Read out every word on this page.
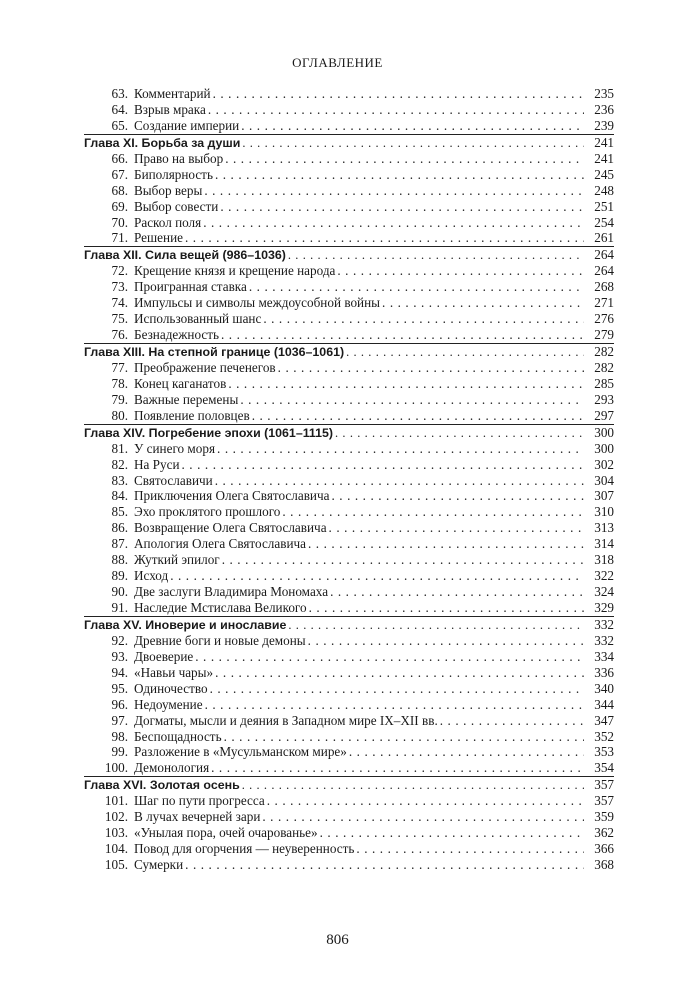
ОГЛАВЛЕНИЕ
63. Комментарий . . .	235
64. Взрыв мрака . . .	236
65. Создание империи . . .	239
Глава XI. Борьба за души . . .	241
66. Право на выбор . . .	241
67. Биполярность . . .	245
68. Выбор веры . . .	248
69. Выбор совести . . .	251
70. Раскол поля . . .	254
71. Решение . . .	261
Глава XII. Сила вещей (986–1036) . . .	264
72. Крещение князя и крещение народа . . .	264
73. Проигранная ставка . . .	268
74. Импульсы и символы междоусобной войны . . .	271
75. Использованный шанс . . .	276
76. Безнадежность . . .	279
Глава XIII. На степной границе (1036–1061) . . .	282
77. Преображение печенегов . . .	282
78. Конец каганатов . . .	285
79. Важные перемены . . .	293
80. Появление половцев . . .	297
Глава XIV. Погребение эпохи (1061–1115) . . .	300
81. У синего моря . . .	300
82. На Руси . . .	302
83. Святославичи . . .	304
84. Приключения Олега Святославича . . .	307
85. Эхо проклятого прошлого . . .	310
86. Возвращение Олега Святославича . . .	313
87. Апология Олега Святославича . . .	314
88. Жуткий эпилог . . .	318
89. Исход . . .	322
90. Две заслуги Владимира Мономаха . . .	324
91. Наследие Мстислава Великого . . .	329
Глава XV. Иноверие и инославие . . .	332
92. Древние боги и новые демоны . . .	332
93. Двоеверие . . .	334
94. «Навьи чары» . . .	336
95. Одиночество . . .	340
96. Недоумение . . .	344
97. Догматы, мысли и деяния в Западном мире IX–XII вв. . . .	347
98. Беспощадность . . .	352
99. Разложение в «Мусульманском мире» . . .	353
100. Демонология . . .	354
Глава XVI. Золотая осень . . .	357
101. Шаг по пути прогресса . . .	357
102. В лучах вечерней зари . . .	359
103. «Унылая пора, очей очарованье» . . .	362
104. Повод для огорчения — неуверенность . . .	366
105. Сумерки . . .	368
806
